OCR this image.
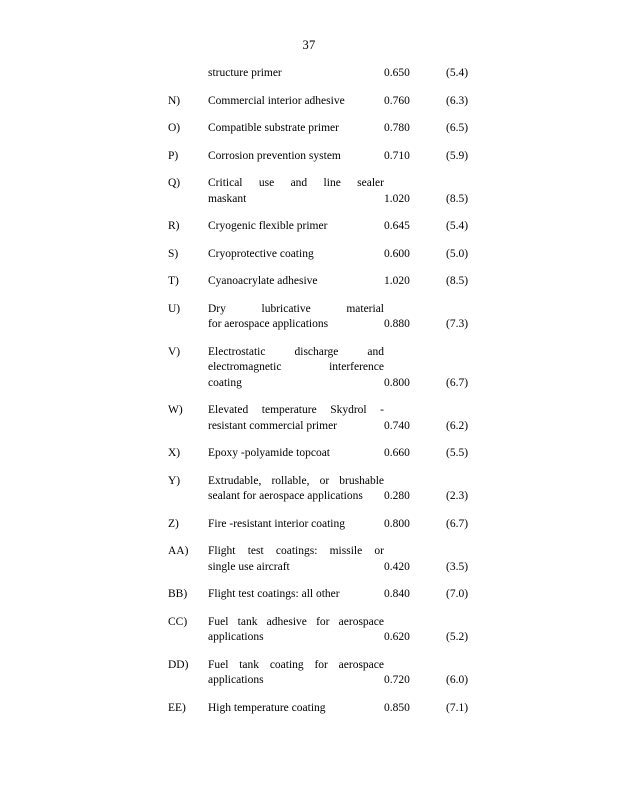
37
structure primer	0.650	(5.4)
N)	Commercial interior adhesive	0.760	(6.3)
O)	Compatible substrate primer	0.780	(6.5)
P)	Corrosion prevention system	0.710	(5.9)
Q)	Critical use and line sealer
maskant	1.020	(8.5)
R)	Cryogenic flexible primer	0.645	(5.4)
S)	Cryoprotective coating	0.600	(5.0)
T)	Cyanoacrylate adhesive	1.020	(8.5)
U)	Dry lubricative material
for aerospace applications	0.880	(7.3)
V)	Electrostatic discharge and
electromagnetic interference
coating	0.800	(6.7)
W)	Elevated temperature Skydrol -
resistant commercial primer	0.740	(6.2)
X)	Epoxy -polyamide topcoat	0.660	(5.5)
Y)	Extrudable, rollable, or brushable
sealant for aerospace applications	0.280	(2.3)
Z)	Fire -resistant interior coating	0.800	(6.7)
AA)	Flight test coatings: missile or
single use aircraft	0.420	(3.5)
BB)	Flight test coatings: all other	0.840	(7.0)
CC)	Fuel tank adhesive for aerospace
applications	0.620	(5.2)
DD)	Fuel tank coating for aerospace
applications	0.720	(6.0)
EE)	High temperature coating	0.850	(7.1)
